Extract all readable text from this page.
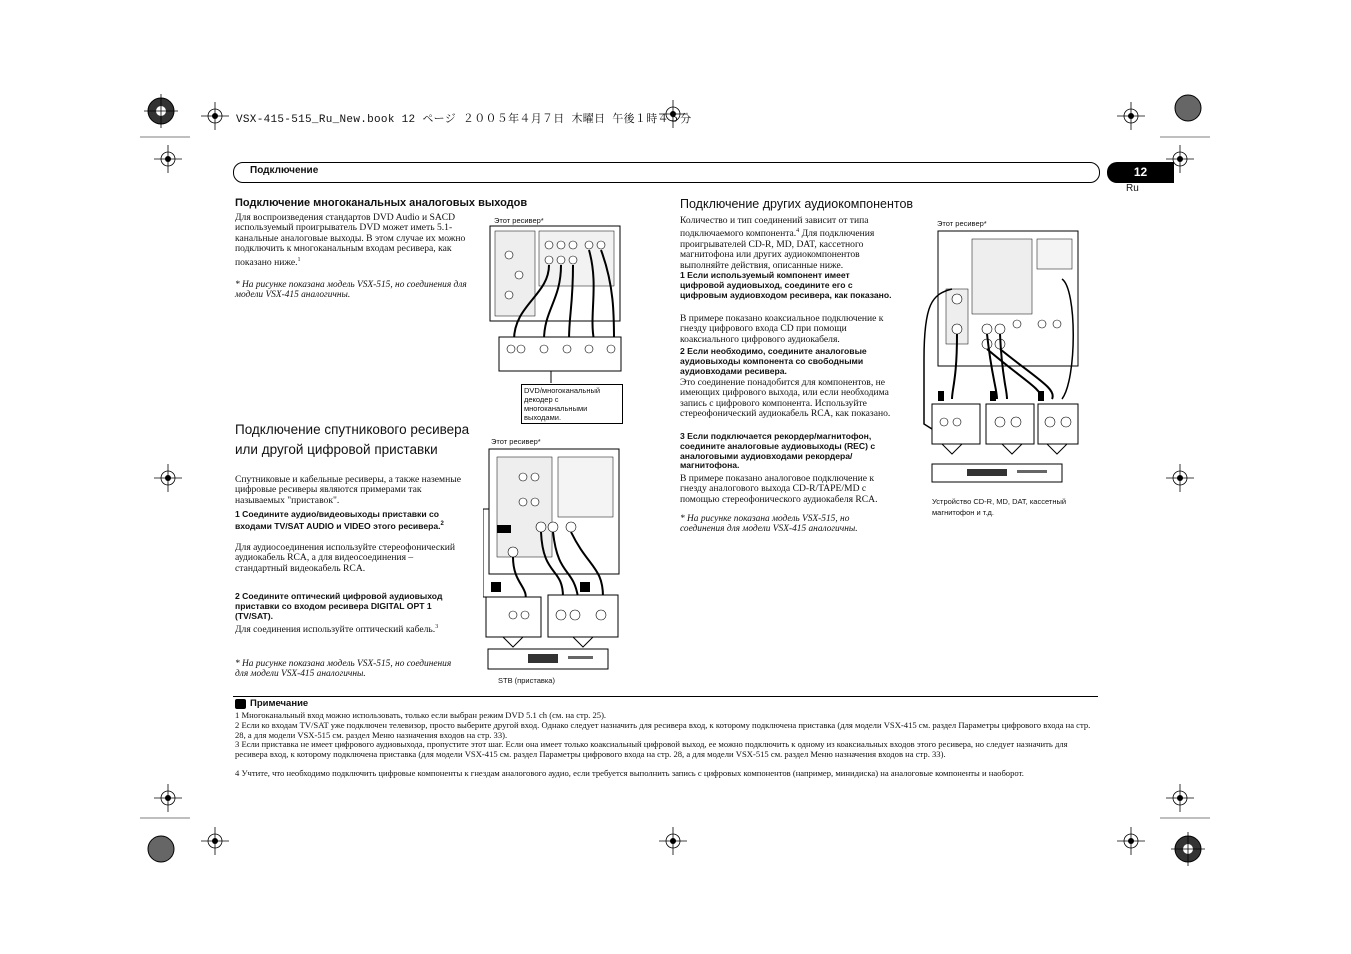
VSX-415-515_Ru_New.book 12 ページ ２００５年４月７日 木曜日 午後１時４５分
Подключение	12
Ru
Подключение многоканальных аналоговых выходов

Для воспроизведения стандартов DVD Audio и SACD используемый проигрыватель DVD может иметь 5.1-канальные аналоговые выходы. В этом случае их можно подключить к многоканальным входам ресивера, как показано ниже.$^1$

* На рисунке показана модель VSX-515, но соединения для модели VSX-415 аналогичны.

Этот ресивер*
DVD/многоканальный декодер с многоканальными выходами.
Подключение спутникового ресивера или другой цифровой приставки

Спутниковые и кабельные ресиверы, а также наземные цифровые ресиверы являются примерами так называемых "приставок".

1 Соедините аудио/видеовыходы приставки со входами TV/SAT AUDIO и VIDEO этого ресивера.$^2$

Для аудиосоединения используйте стереофонический аудиокабель RCA, а для видеосоединения – стандартный видеокабель RCA.

2 Соедините оптический цифровой аудиовыход приставки со входом ресивера DIGITAL OPT 1 (TV/SAT).

Для соединения используйте оптический кабель.$^3$

* На рисунке показана модель VSX-515, но соединения для модели VSX-415 аналогичны.

Этот ресивер*
STB (приставка)
Подключение других аудиокомпонентов

Количество и тип соединений зависит от типа подключаемого компонента.$^4$ Для подключения проигрывателей CD-R, MD, DAT, кассетного магнитофона или других аудиокомпонентов выполняйте действия, описанные ниже.

1 Если используемый компонент имеет цифровой аудиовыход, соедините его с цифровым аудиовходом ресивера, как показано.

В примере показано коаксиальное подключение к гнезду цифрового входа CD при помощи коаксиального цифрового аудиокабеля.

2 Если необходимо, соедините аналоговые аудиовыходы компонента со свободными аудиовходами ресивера.

Это соединение понадобится для компонентов, не имеющих цифрового выхода, или если необходима запись с цифрового компонента. Используйте стереофонический аудиокабель RCA, как показано.

3 Если подключается рекордер/магнитофон, соедините аналоговые аудиовыходы (REC) с аналоговыми аудиовходами рекордера/магнитофона.

В примере показано аналоговое подключение к гнезду аналогового выхода CD-R/TAPE/MD с помощью стереофонического аудиокабеля RCA.

* На рисунке показана модель VSX-515, но соединения для модели VSX-415 аналогичны.

Этот ресивер*

Устройство CD-R, MD, DAT, кассетный магнитофон и т.д.

Примечание

1 Многоканальный вход можно использовать, только если выбран режим DVD 5.1 ch (см. на стр. 25).

2 Если ко входам TV/SAT уже подключен телевизор, просто выберите другой вход. Однако следует назначить для ресивера вход, к которому подключена приставка (для модели VSX-415 см. раздел Параметры цифрового входа на стр. 28, а для модели VSX-515 см. раздел Меню назначения входов на стр. 33).

3 Если приставка не имеет цифрового аудиовыхода, пропустите этот шаг. Если она имеет только коаксиальный цифровой выход, ее можно подключить к одному из коаксиальных входов этого ресивера, но следует назначить для ресивера вход, к которому подключена приставка (для модели VSX-415 см. раздел Параметры цифрового входа на стр. 28, а для модели VSX-515 см. раздел Меню назначения входов на стр. 33).

4 Учтите, что необходимо подключить цифровые компоненты к гнездам аналогового аудио, если требуется выполнить запись с цифровых компонентов (например, минидиска) на аналоговые компоненты и наоборот.
